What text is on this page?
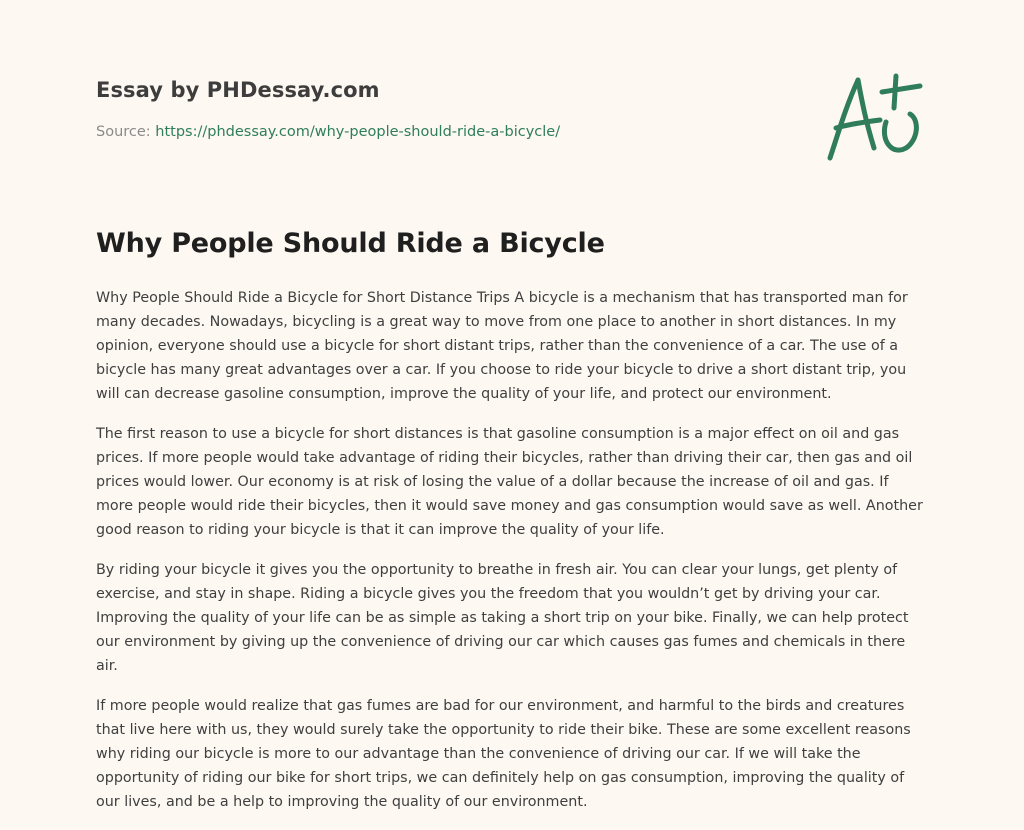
Essay by PHDessay.com
Source: https://phdessay.com/why-people-should-ride-a-bicycle/
Why People Should Ride a Bicycle

Why People Should Ride a Bicycle for Short Distance Trips A bicycle is a mechanism that has transported man for many decades. Nowadays, bicycling is a great way to move from one place to another in short distances. In my opinion, everyone should use a bicycle for short distant trips, rather than the convenience of a car. The use of a bicycle has many great advantages over a car. If you choose to ride your bicycle to drive a short distant trip, you will can decrease gasoline consumption, improve the quality of your life, and protect our environment.

The first reason to use a bicycle for short distances is that gasoline consumption is a major effect on oil and gas prices. If more people would take advantage of riding their bicycles, rather than driving their car, then gas and oil prices would lower. Our economy is at risk of losing the value of a dollar because the increase of oil and gas. If more people would ride their bicycles, then it would save money and gas consumption would save as well. Another good reason to riding your bicycle is that it can improve the quality of your life.

By riding your bicycle it gives you the opportunity to breathe in fresh air. You can clear your lungs, get plenty of exercise, and stay in shape. Riding a bicycle gives you the freedom that you wouldn’t get by driving your car. Improving the quality of your life can be as simple as taking a short trip on your bike. Finally, we can help protect our environment by giving up the convenience of driving our car which causes gas fumes and chemicals in there air.

If more people would realize that gas fumes are bad for our environment, and harmful to the birds and creatures that live here with us, they would surely take the opportunity to ride their bike. These are some excellent reasons why riding our bicycle is more to our advantage than the convenience of driving our car. If we will take the opportunity of riding our bike for short trips, we can definitely help on gas consumption, improving the quality of our lives, and be a help to improving the quality of our environment.
